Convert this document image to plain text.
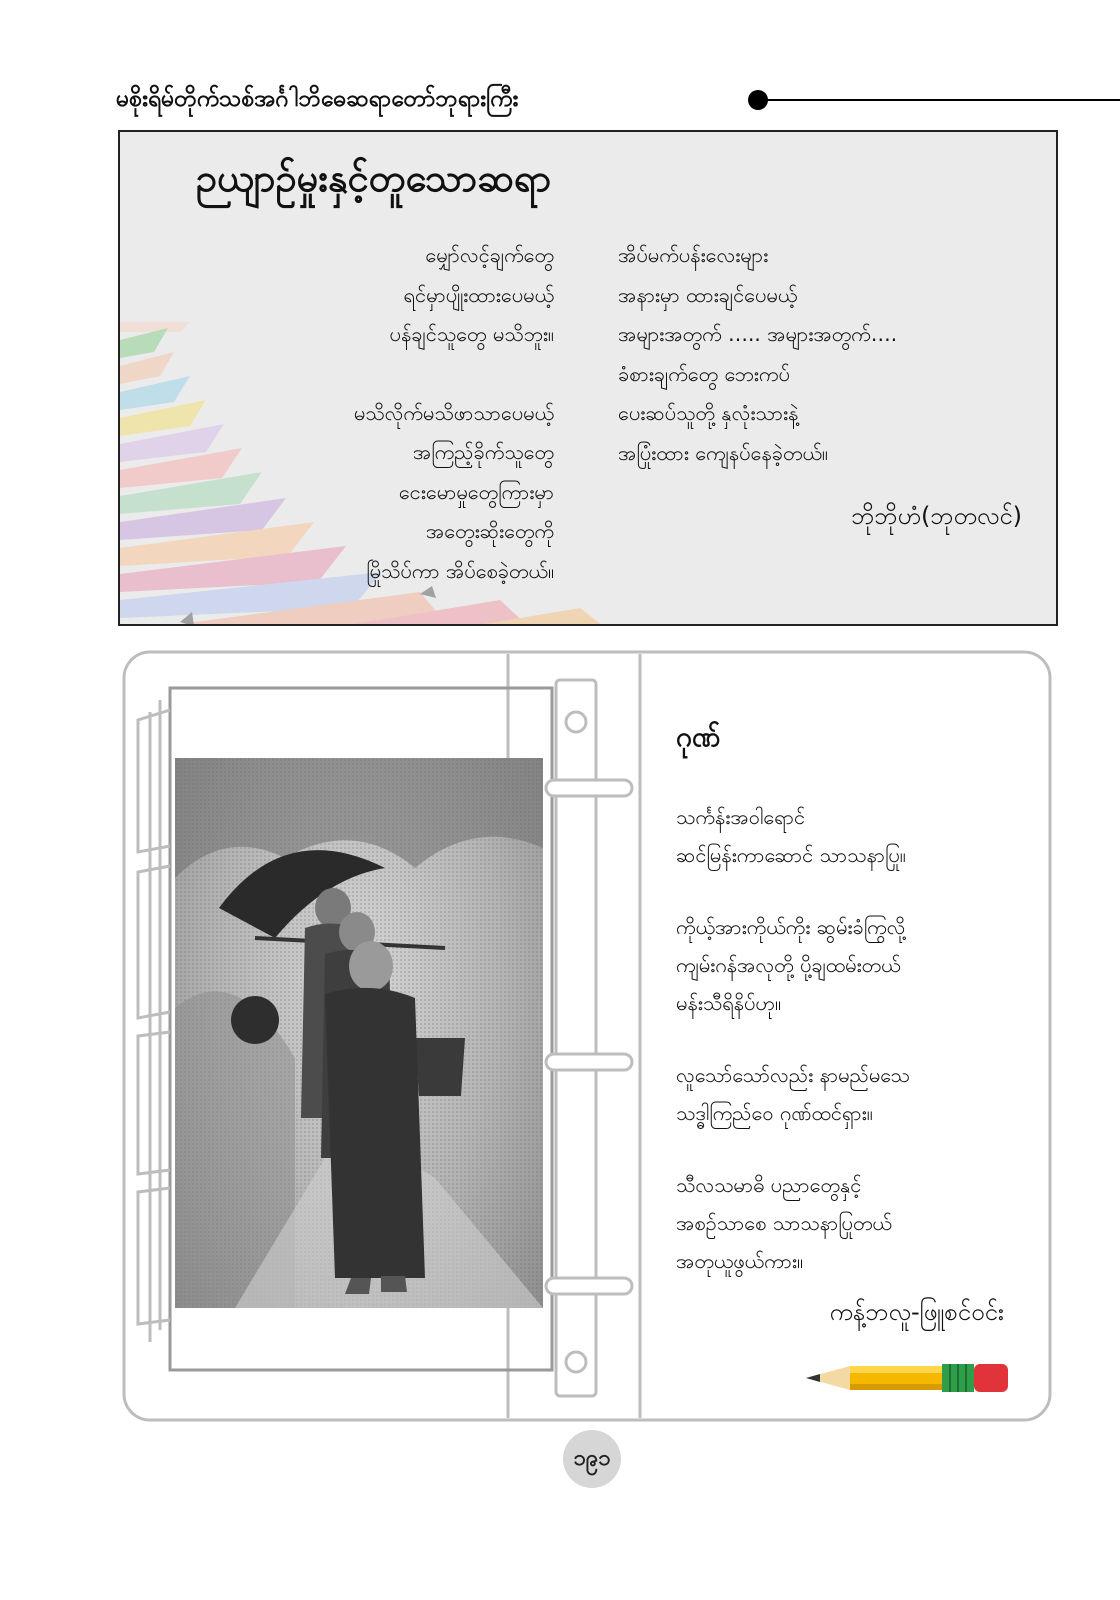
မစိုးရိမ်တိုက်သစ်အင်္ဂါဘိဓေဆရာတော်ဘုရားကြီး
ဉယျာဉ်မှုးနှင့်တူသောဆရာ
မျှော်လင့်ချက်တွေ
ရင်မှာပျိုးထားပေမယ့်
ပန်ချင်သူတွေ မသိဘူး။
မသိလိုက်မသိဖာသာပေမယ့်
အကြည့်ခိုက်သူတွေ
ငေးမောမှုတွေကြားမှာ
အတွေးဆိုးတွေကို
မြိုသိပ်ကာ အိပ်စေခဲ့တယ်။
အိပ်မက်ပန်းလေးများ
အနားမှာ ထားချင်ပေမယ့်
အများအတွက် ….. အများအတွက်….
ခံစားချက်တွေ ဘေးကပ်
ပေးဆပ်သူတို့ နှလုံးသားနဲ့
အပြုံးထား ကျေနပ်နေခဲ့တယ်။
ဘိုဘိုဟံ(ဘုတလင်)
ဂုဏ်
သင်္ကန်းအဝါရောင်
ဆင်မြန်းကာဆောင် သာသနာပြု။
ကိုယ့်အားကိုယ်ကိုး ဆွမ်းခံကြွလို့
ကျမ်းဂန်အလုတို့ ပို့ချထမ်းတယ်
မန်းသီရိနိပ်ဟု။
လူသော်သော်လည်း နာမည်မသေ
သဒ္ဓါကြည်ဝေ ဂုဏ်ထင်ရှား။
သီလသမာဓိ ပညာတွေနှင့်
အစဉ်သာစေ သာသနာပြုတယ်
အတုယူဖွယ်ကား။
ကန့်ဘလူ-ဖြူစင်ဝင်း
၁၉၁
